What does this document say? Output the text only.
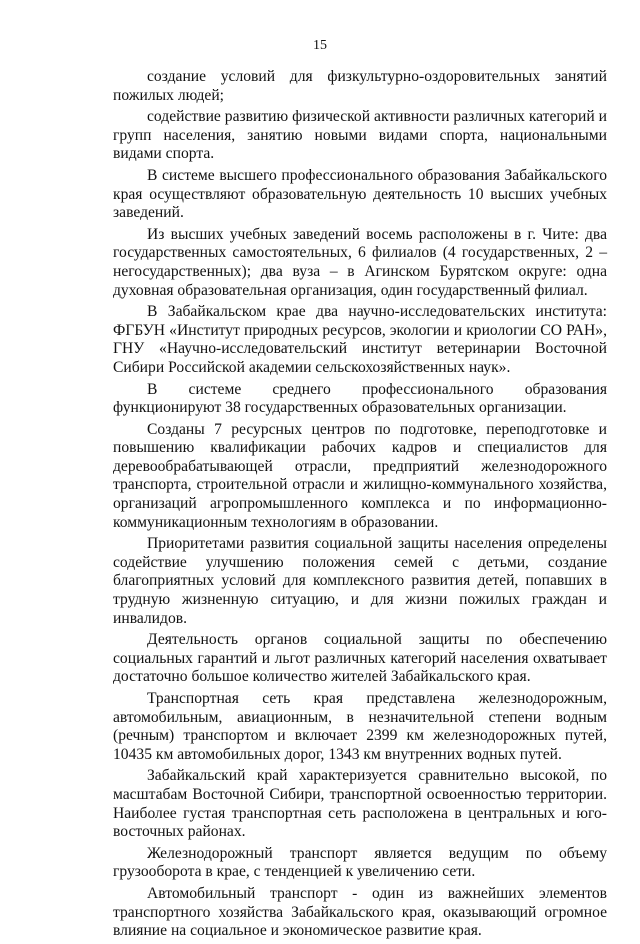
15

создание условий для физкультурно-оздоровительных занятий пожилых людей;

содействие развитию физической активности различных категорий и групп населения, занятию новыми видами спорта, национальными видами спорта.

В системе высшего профессионального образования Забайкальского края осуществляют образовательную деятельность 10 высших учебных заведений.

Из высших учебных заведений восемь расположены в г. Чите: два государственных самостоятельных, 6 филиалов (4 государственных, 2 – негосударственных); два вуза – в Агинском Бурятском округе: одна духовная образовательная организация, один государственный филиал.

В Забайкальском крае два научно-исследовательских института: ФГБУН «Институт природных ресурсов, экологии и криологии СО РАН», ГНУ «Научно-исследовательский институт ветеринарии Восточной Сибири Российской академии сельскохозяйственных наук».

В системе среднего профессионального образования функционируют 38 государственных образовательных организации.

Созданы 7 ресурсных центров по подготовке, переподготовке и повышению квалификации рабочих кадров и специалистов для деревообрабатывающей отрасли, предприятий железнодорожного транспорта, строительной отрасли и жилищно-коммунального хозяйства, организаций агропромышленного комплекса и по информационно-коммуникационным технологиям в образовании.

Приоритетами развития социальной защиты населения определены содействие улучшению положения семей с детьми, создание благоприятных условий для комплексного развития детей, попавших в трудную жизненную ситуацию, и для жизни пожилых граждан и инвалидов.

Деятельность органов социальной защиты по обеспечению социальных гарантий и льгот различных категорий населения охватывает достаточно большое количество жителей Забайкальского края.

Транспортная сеть края представлена железнодорожным, автомобильным, авиационным, в незначительной степени водным (речным) транспортом и включает 2399 км железнодорожных путей, 10435 км автомобильных дорог, 1343 км внутренних водных путей.

Забайкальский край характеризуется сравнительно высокой, по масштабам Восточной Сибири, транспортной освоенностью территории. Наиболее густая транспортная сеть расположена в центральных и юго-восточных районах.

Железнодорожный транспорт является ведущим по объему грузооборота в крае, с тенденцией к увеличению сети.

Автомобильный транспорт - один из важнейших элементов транспортного хозяйства Забайкальского края, оказывающий огромное влияние на социальное и экономическое развитие края.
